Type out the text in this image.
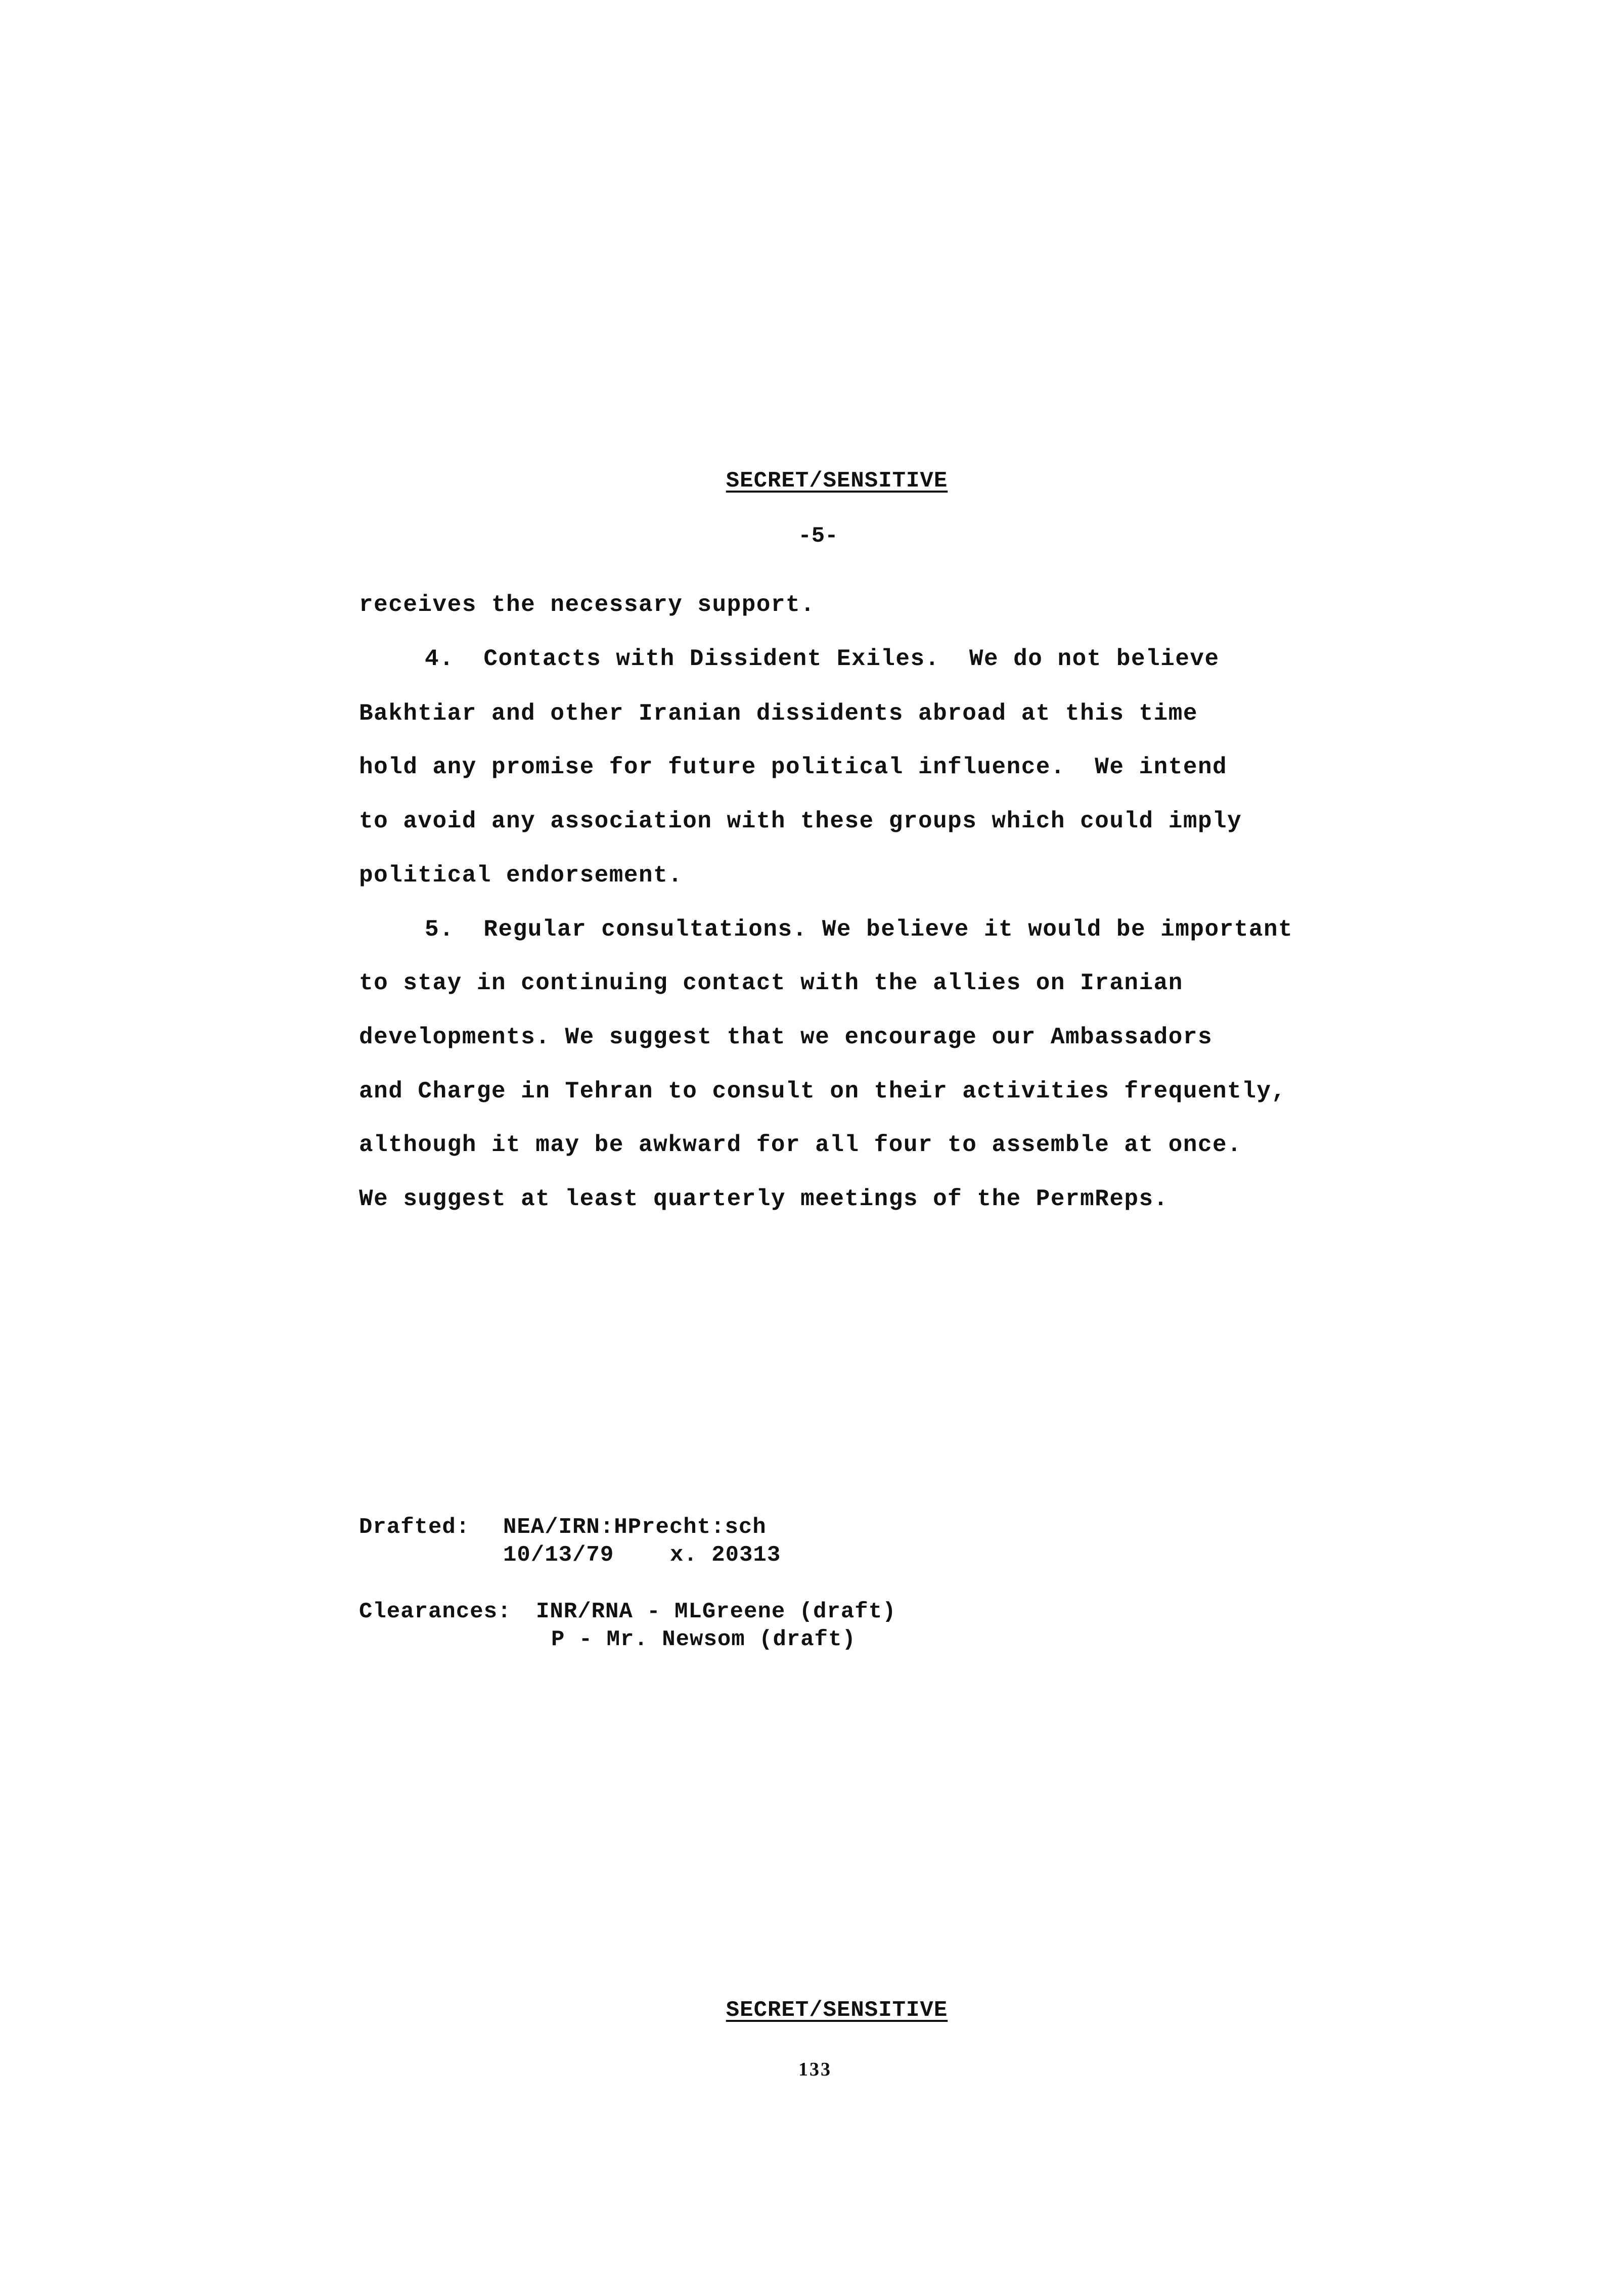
SECRET/SENSITIVE
-5-
receives the necessary support.
4.  Contacts with Dissident Exiles.  We do not believe
Bakhtiar and other Iranian dissidents abroad at this time
hold any promise for future political influence.  We intend
to avoid any association with these groups which could imply
political endorsement.
5.  Regular consultations. We believe it would be important
to stay in continuing contact with the allies on Iranian
developments. We suggest that we encourage our Ambassadors
and Charge in Tehran to consult on their activities frequently,
although it may be awkward for all four to assemble at once.
We suggest at least quarterly meetings of the PermReps.
Drafted: NEA/IRN:HPrecht:sch
10/13/79	x. 20313
Clearances: INR/RNA - MLGreene (draft)
P - Mr. Newsom (draft)
SECRET/SENSITIVE
133
